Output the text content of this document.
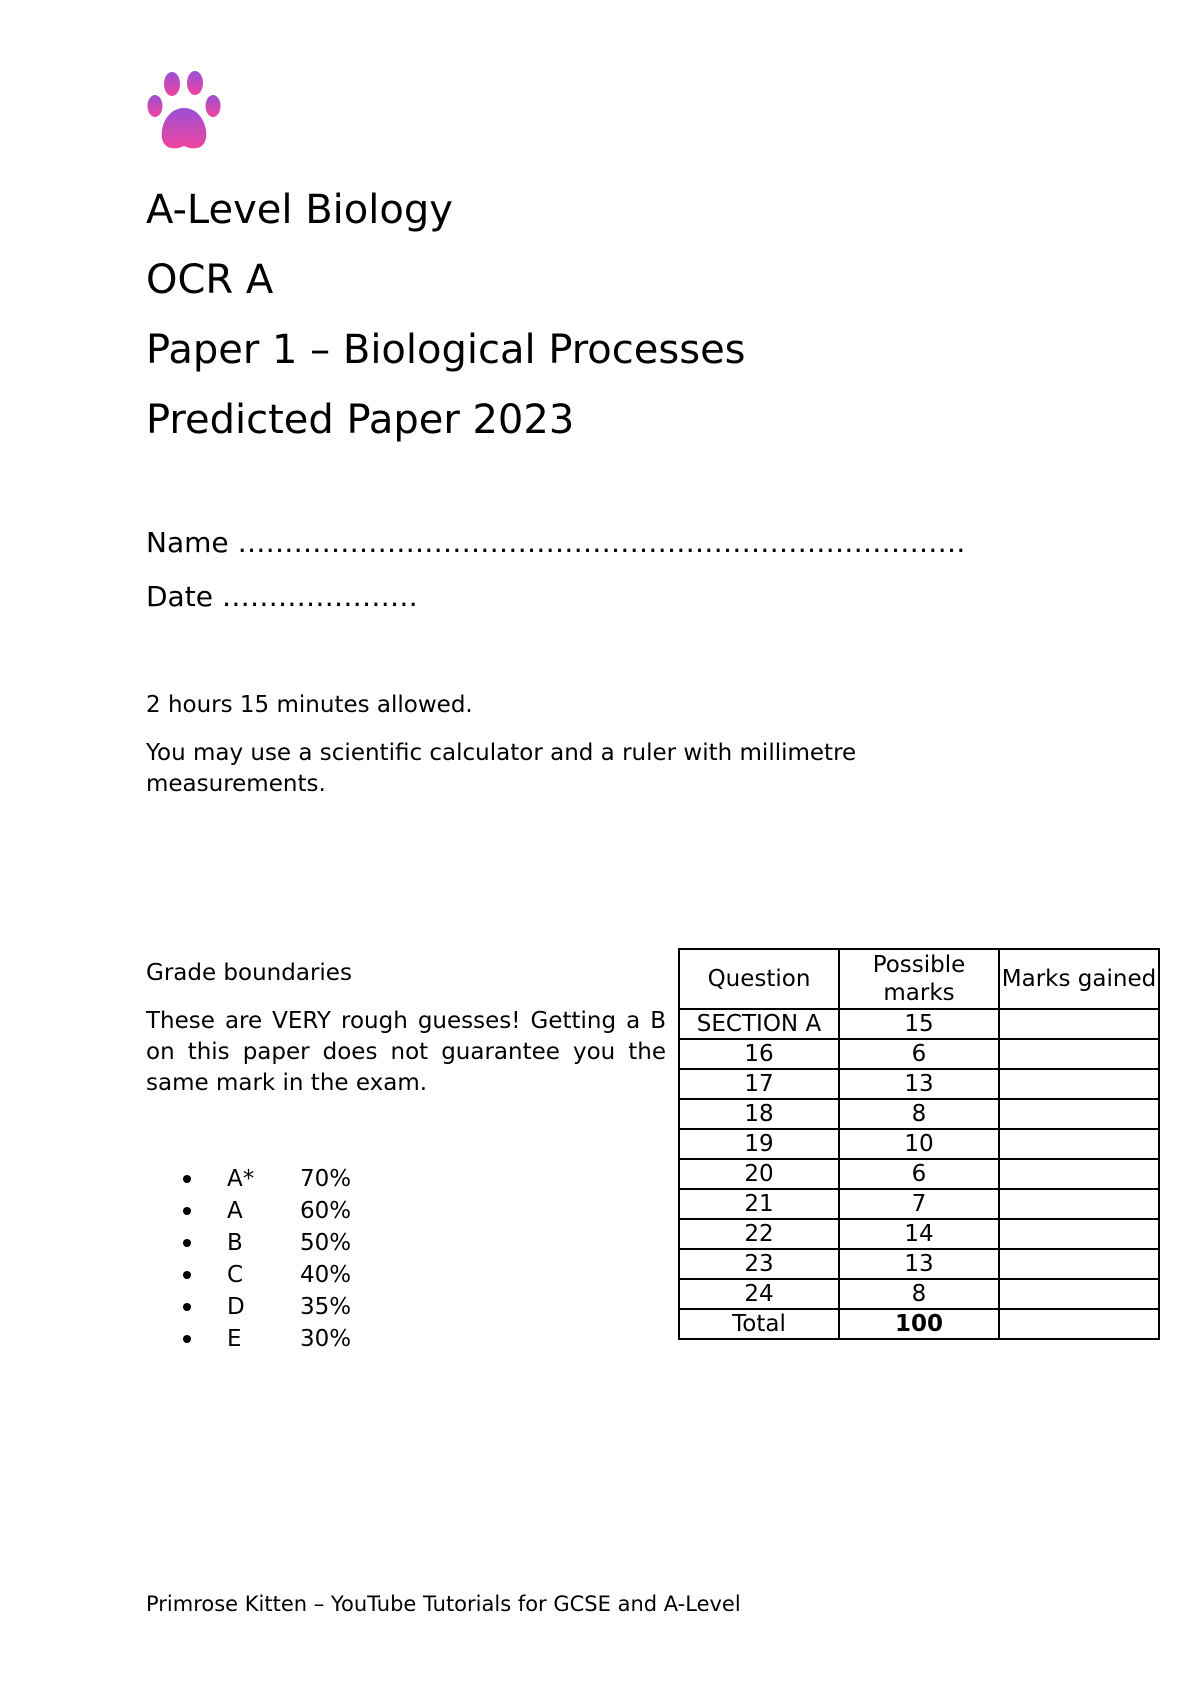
A-Level Biology
OCR A
Paper 1 – Biological Processes
Predicted Paper 2023
Name ……………………………………………………………………
Date …………………
2 hours 15 minutes allowed.
You may use a scientific calculator and a ruler with millimetre measurements.
Grade boundaries
These are VERY rough guesses! Getting a B on this paper does not guarantee you the same mark in the exam.
A*	70%
A	60%
B	50%
C	40%
D	35%
E	30%
Question	Possible marks	Marks gained
SECTION A	15	
16	6	
17	13	
18	8	
19	10	
20	6	
21	7	
22	14	
23	13	
24	8	
Total	100	
Primrose Kitten – YouTube Tutorials for GCSE and A-Level
